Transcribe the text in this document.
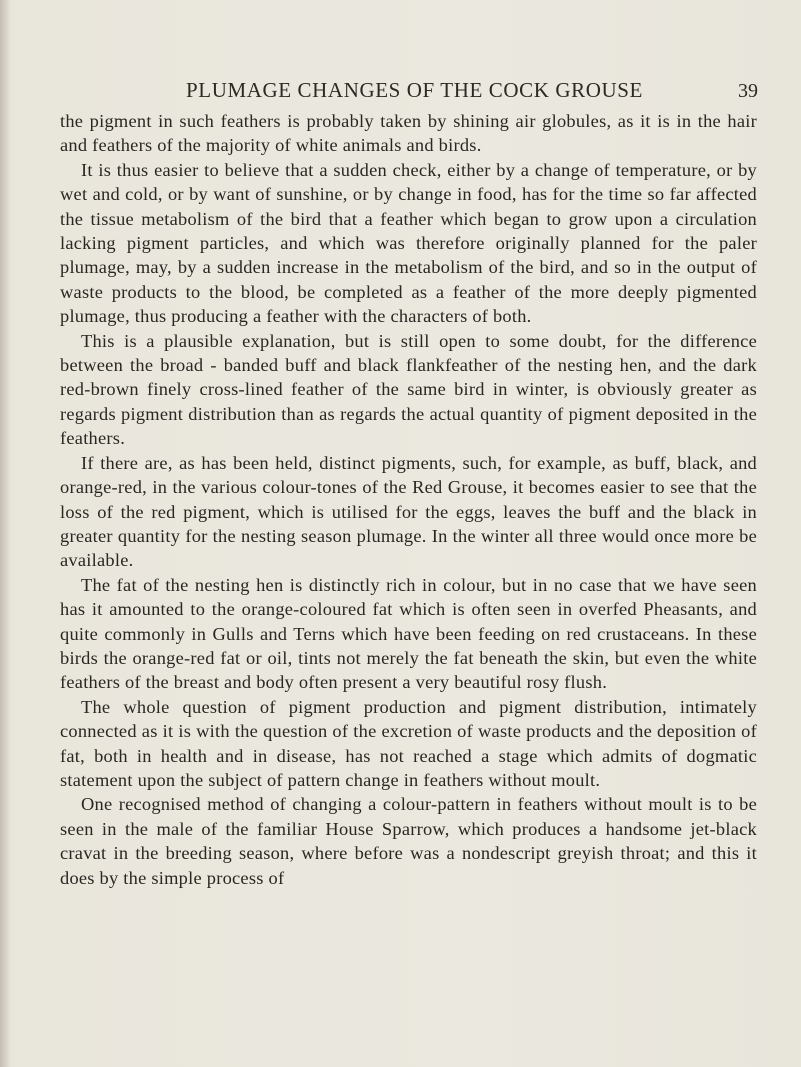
PLUMAGE CHANGES OF THE COCK GROUSE	39

the pigment in such feathers is probably taken by shining air globules, as it is in the hair and feathers of the majority of white animals and birds.

It is thus easier to believe that a sudden check, either by a change of temperature, or by wet and cold, or by want of sunshine, or by change in food, has for the time so far affected the tissue metabolism of the bird that a feather which began to grow upon a circulation lacking pigment particles, and which was therefore originally planned for the paler plumage, may, by a sudden increase in the metabolism of the bird, and so in the output of waste products to the blood, be completed as a feather of the more deeply pigmented plumage, thus producing a feather with the characters of both.

This is a plausible explanation, but is still open to some doubt, for the difference between the broad - banded buff and black flankfeather of the nesting hen, and the dark red-brown finely cross-lined feather of the same bird in winter, is obviously greater as regards pigment distribution than as regards the actual quantity of pigment deposited in the feathers.

If there are, as has been held, distinct pigments, such, for example, as buff, black, and orange-red, in the various colour-tones of the Red Grouse, it becomes easier to see that the loss of the red pigment, which is utilised for the eggs, leaves the buff and the black in greater quantity for the nesting season plumage. In the winter all three would once more be available.

The fat of the nesting hen is distinctly rich in colour, but in no case that we have seen has it amounted to the orange-coloured fat which is often seen in overfed Pheasants, and quite commonly in Gulls and Terns which have been feeding on red crustaceans. In these birds the orange-red fat or oil, tints not merely the fat beneath the skin, but even the white feathers of the breast and body often present a very beautiful rosy flush.

The whole question of pigment production and pigment distribution, intimately connected as it is with the question of the excretion of waste products and the deposition of fat, both in health and in disease, has not reached a stage which admits of dogmatic statement upon the subject of pattern change in feathers without moult.

One recognised method of changing a colour-pattern in feathers without moult is to be seen in the male of the familiar House Sparrow, which produces a handsome jet-black cravat in the breeding season, where before was a nondescript greyish throat; and this it does by the simple process of
